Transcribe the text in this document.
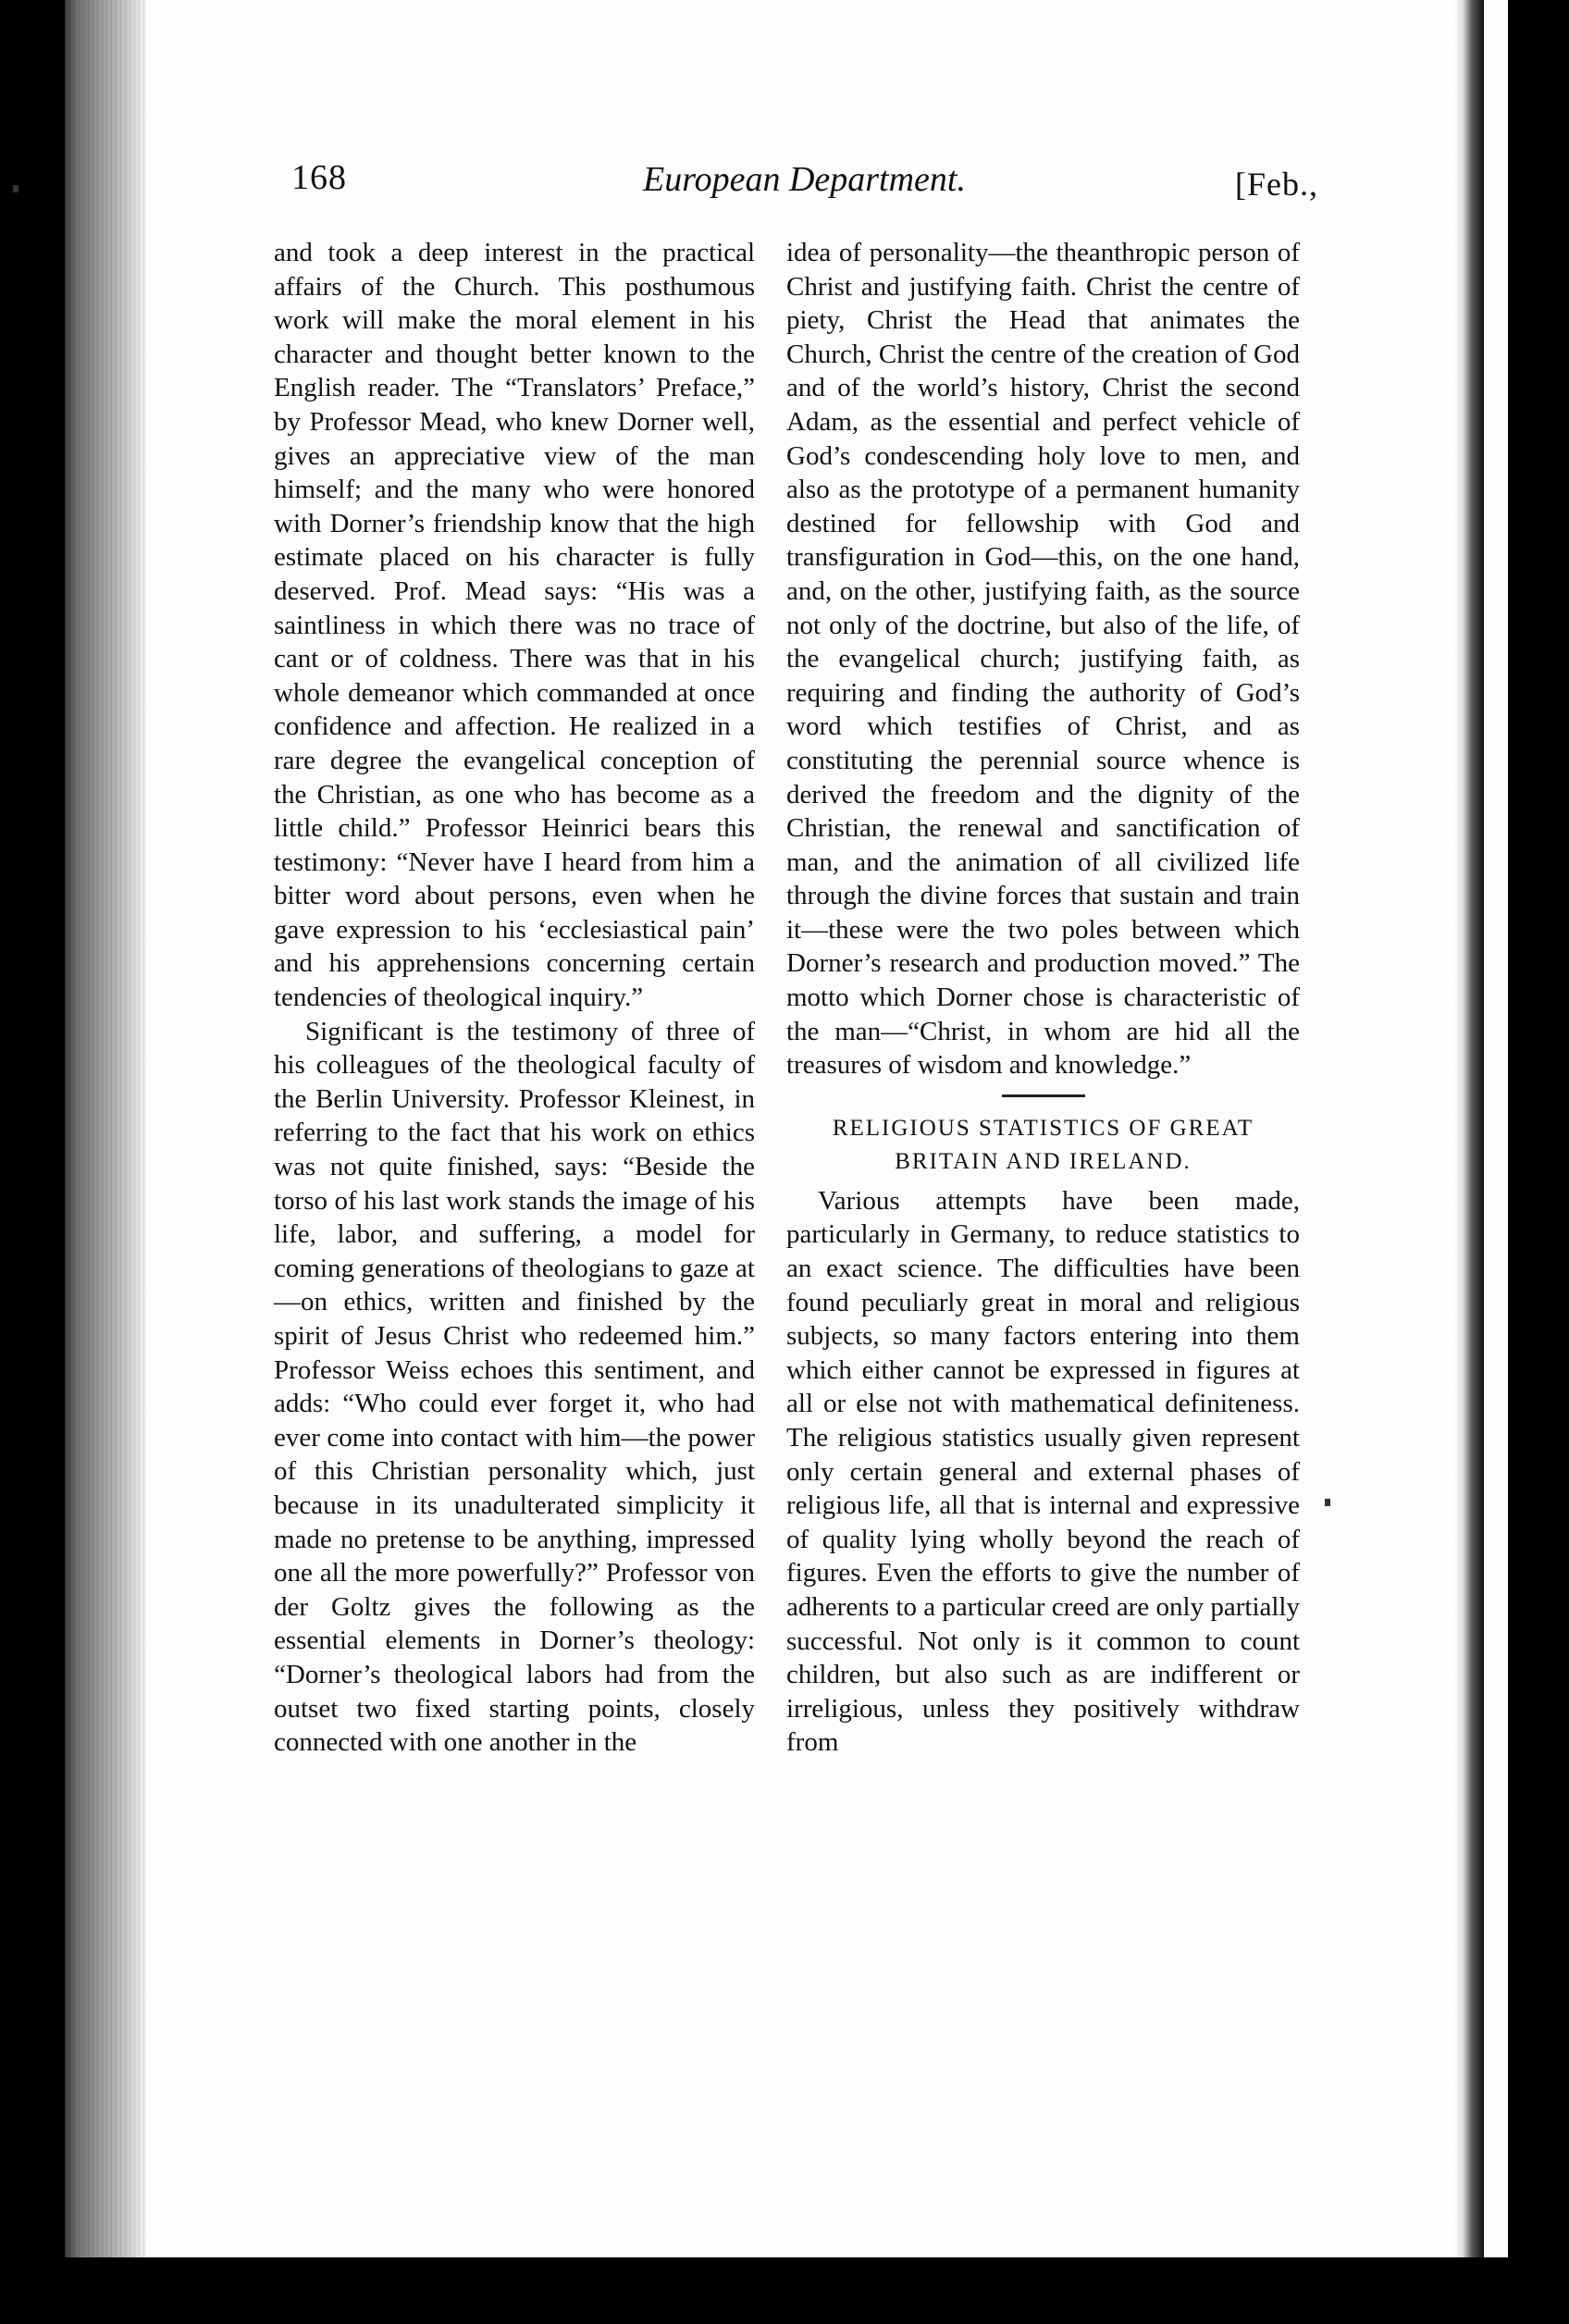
168	European Department.	[Feb.,

and took a deep interest in the practical affairs of the Church. This posthumous work will make the moral element in his character and thought better known to the English reader. The “Translators’ Preface,” by Professor Mead, who knew Dorner well, gives an appreciative view of the man himself; and the many who were honored with Dorner’s friendship know that the high estimate placed on his character is fully deserved. Prof. Mead says: “His was a saintliness in which there was no trace of cant or of coldness. There was that in his whole demeanor which commanded at once confidence and affection. He realized in a rare degree the evangelical conception of the Christian, as one who has become as a little child.” Professor Heinrici bears this testimony: “Never have I heard from him a bitter word about persons, even when he gave expression to his ‘ecclesiastical pain’ and his apprehensions concerning certain tendencies of theological inquiry.”

Significant is the testimony of three of his colleagues of the theological faculty of the Berlin University. Professor Kleinest, in referring to the fact that his work on ethics was not quite finished, says: “Beside the torso of his last work stands the image of his life, labor, and suffering, a model for coming generations of theologians to gaze at—on ethics, written and finished by the spirit of Jesus Christ who redeemed him.” Professor Weiss echoes this sentiment, and adds: “Who could ever forget it, who had ever come into contact with him—the power of this Christian personality which, just because in its unadulterated simplicity it made no pretense to be anything, impressed one all the more powerfully?” Professor von der Goltz gives the following as the essential elements in Dorner’s theology: “Dorner’s theological labors had from the outset two fixed starting points, closely connected with one another in the

idea of personality—the theanthropic person of Christ and justifying faith. Christ the centre of piety, Christ the Head that animates the Church, Christ the centre of the creation of God and of the world’s history, Christ the second Adam, as the essential and perfect vehicle of God’s condescending holy love to men, and also as the prototype of a permanent humanity destined for fellowship with God and transfiguration in God—this, on the one hand, and, on the other, justifying faith, as the source not only of the doctrine, but also of the life, of the evangelical church; justifying faith, as requiring and finding the authority of God’s word which testifies of Christ, and as constituting the perennial source whence is derived the freedom and the dignity of the Christian, the renewal and sanctification of man, and the animation of all civilized life through the divine forces that sustain and train it—these were the two poles between which Dorner’s research and production moved.” The motto which Dorner chose is characteristic of the man—“Christ, in whom are hid all the treasures of wisdom and knowledge.”

RELIGIOUS STATISTICS OF GREAT
BRITAIN AND IRELAND.

Various attempts have been made, particularly in Germany, to reduce statistics to an exact science. The difficulties have been found peculiarly great in moral and religious subjects, so many factors entering into them which either cannot be expressed in figures at all or else not with mathematical definiteness. The religious statistics usually given represent only certain general and external phases of religious life, all that is internal and expressive of quality lying wholly beyond the reach of figures. Even the efforts to give the number of adherents to a particular creed are only partially successful. Not only is it common to count children, but also such as are indifferent or irreligious, unless they positively withdraw from
